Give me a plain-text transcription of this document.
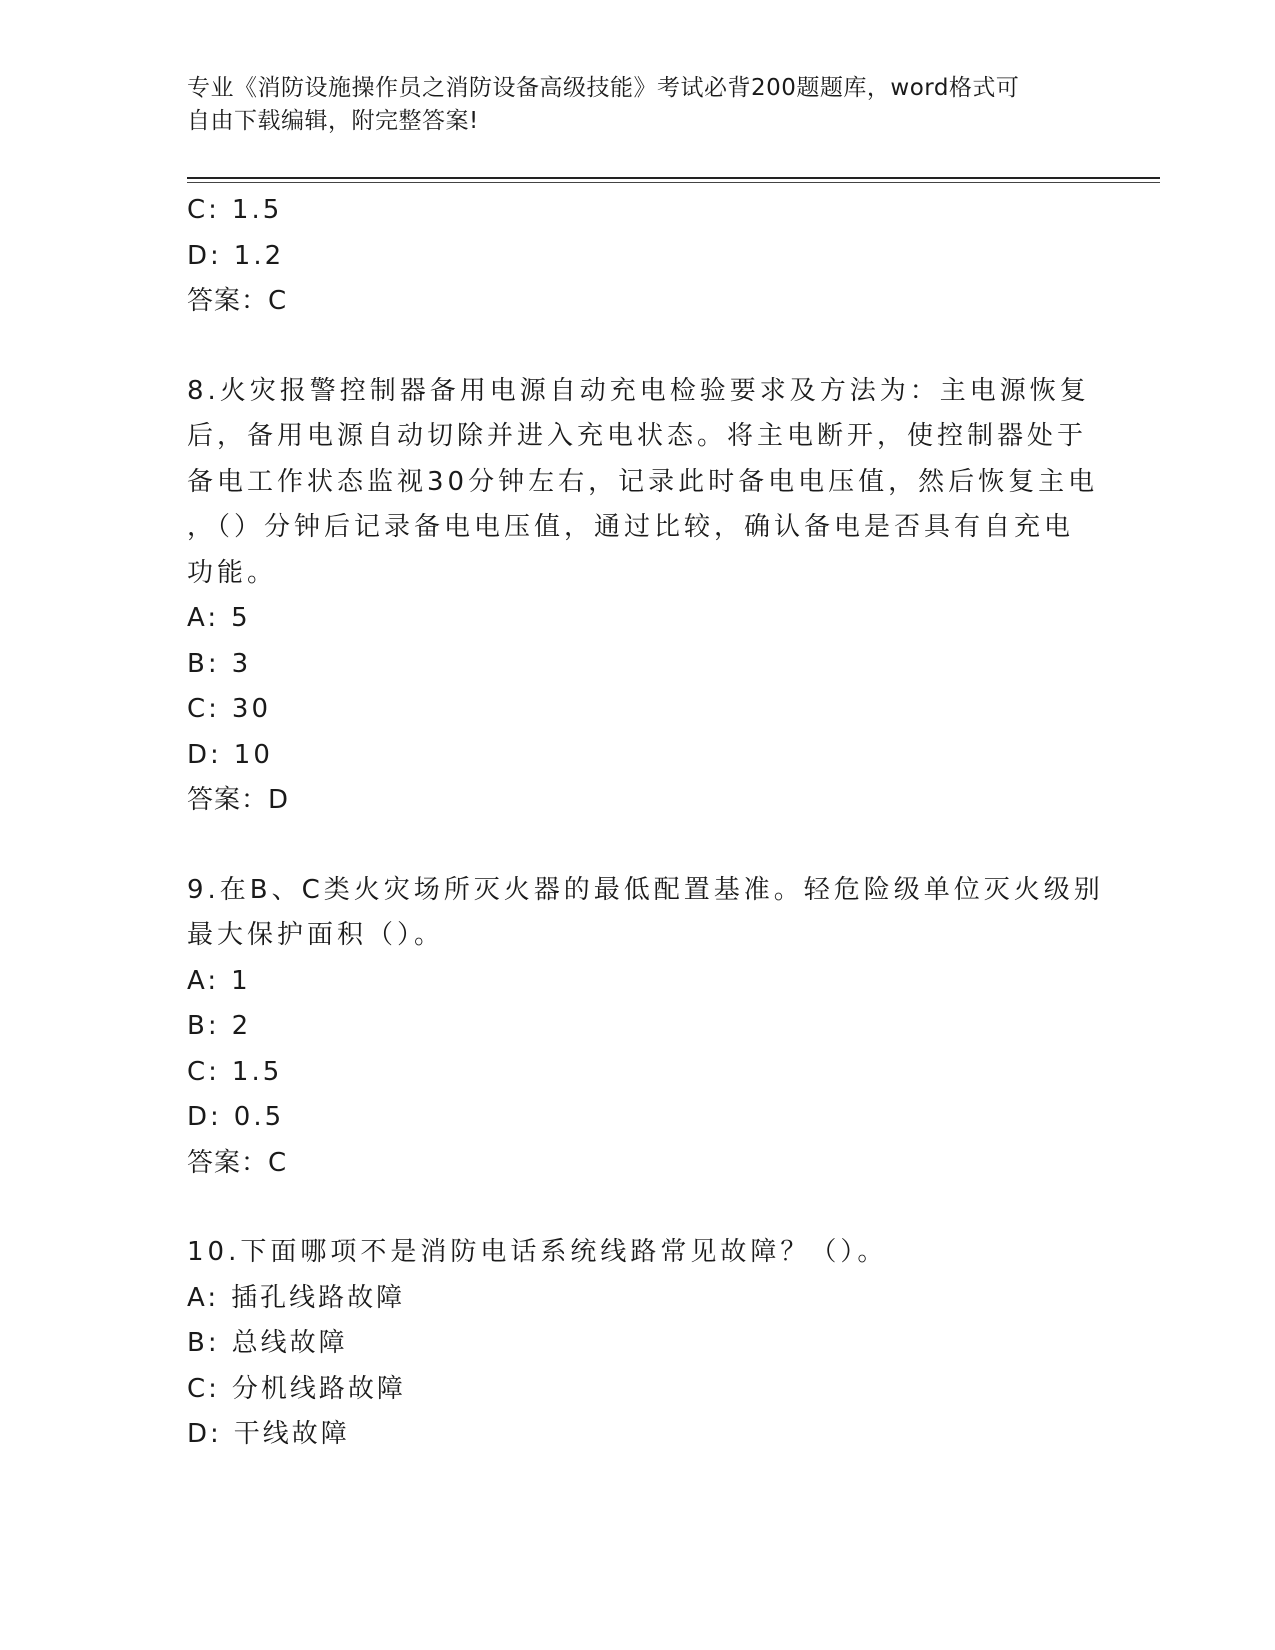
专业《消防设施操作员之消防设备高级技能》考试必背200题题库，word格式可
自由下载编辑，附完整答案!
C: 1.5
D: 1.2
答案：C
8.火灾报警控制器备用电源自动充电检验要求及方法为：主电源恢复
后，备用电源自动切除并进入充电状态。将主电断开，使控制器处于
备电工作状态监视30分钟左右，记录此时备电电压值，然后恢复主电
，（）分钟后记录备电电压值，通过比较，确认备电是否具有自充电
功能。
A: 5
B: 3
C: 30
D: 10
答案：D
9.在B、C类火灾场所灭火器的最低配置基准。轻危险级单位灭火级别
最大保护面积（）。
A: 1
B: 2
C: 1.5
D: 0.5
答案：C
10.下面哪项不是消防电话系统线路常见故障？（）。
A: 插孔线路故障
B: 总线故障
C: 分机线路故障
D: 干线故障
